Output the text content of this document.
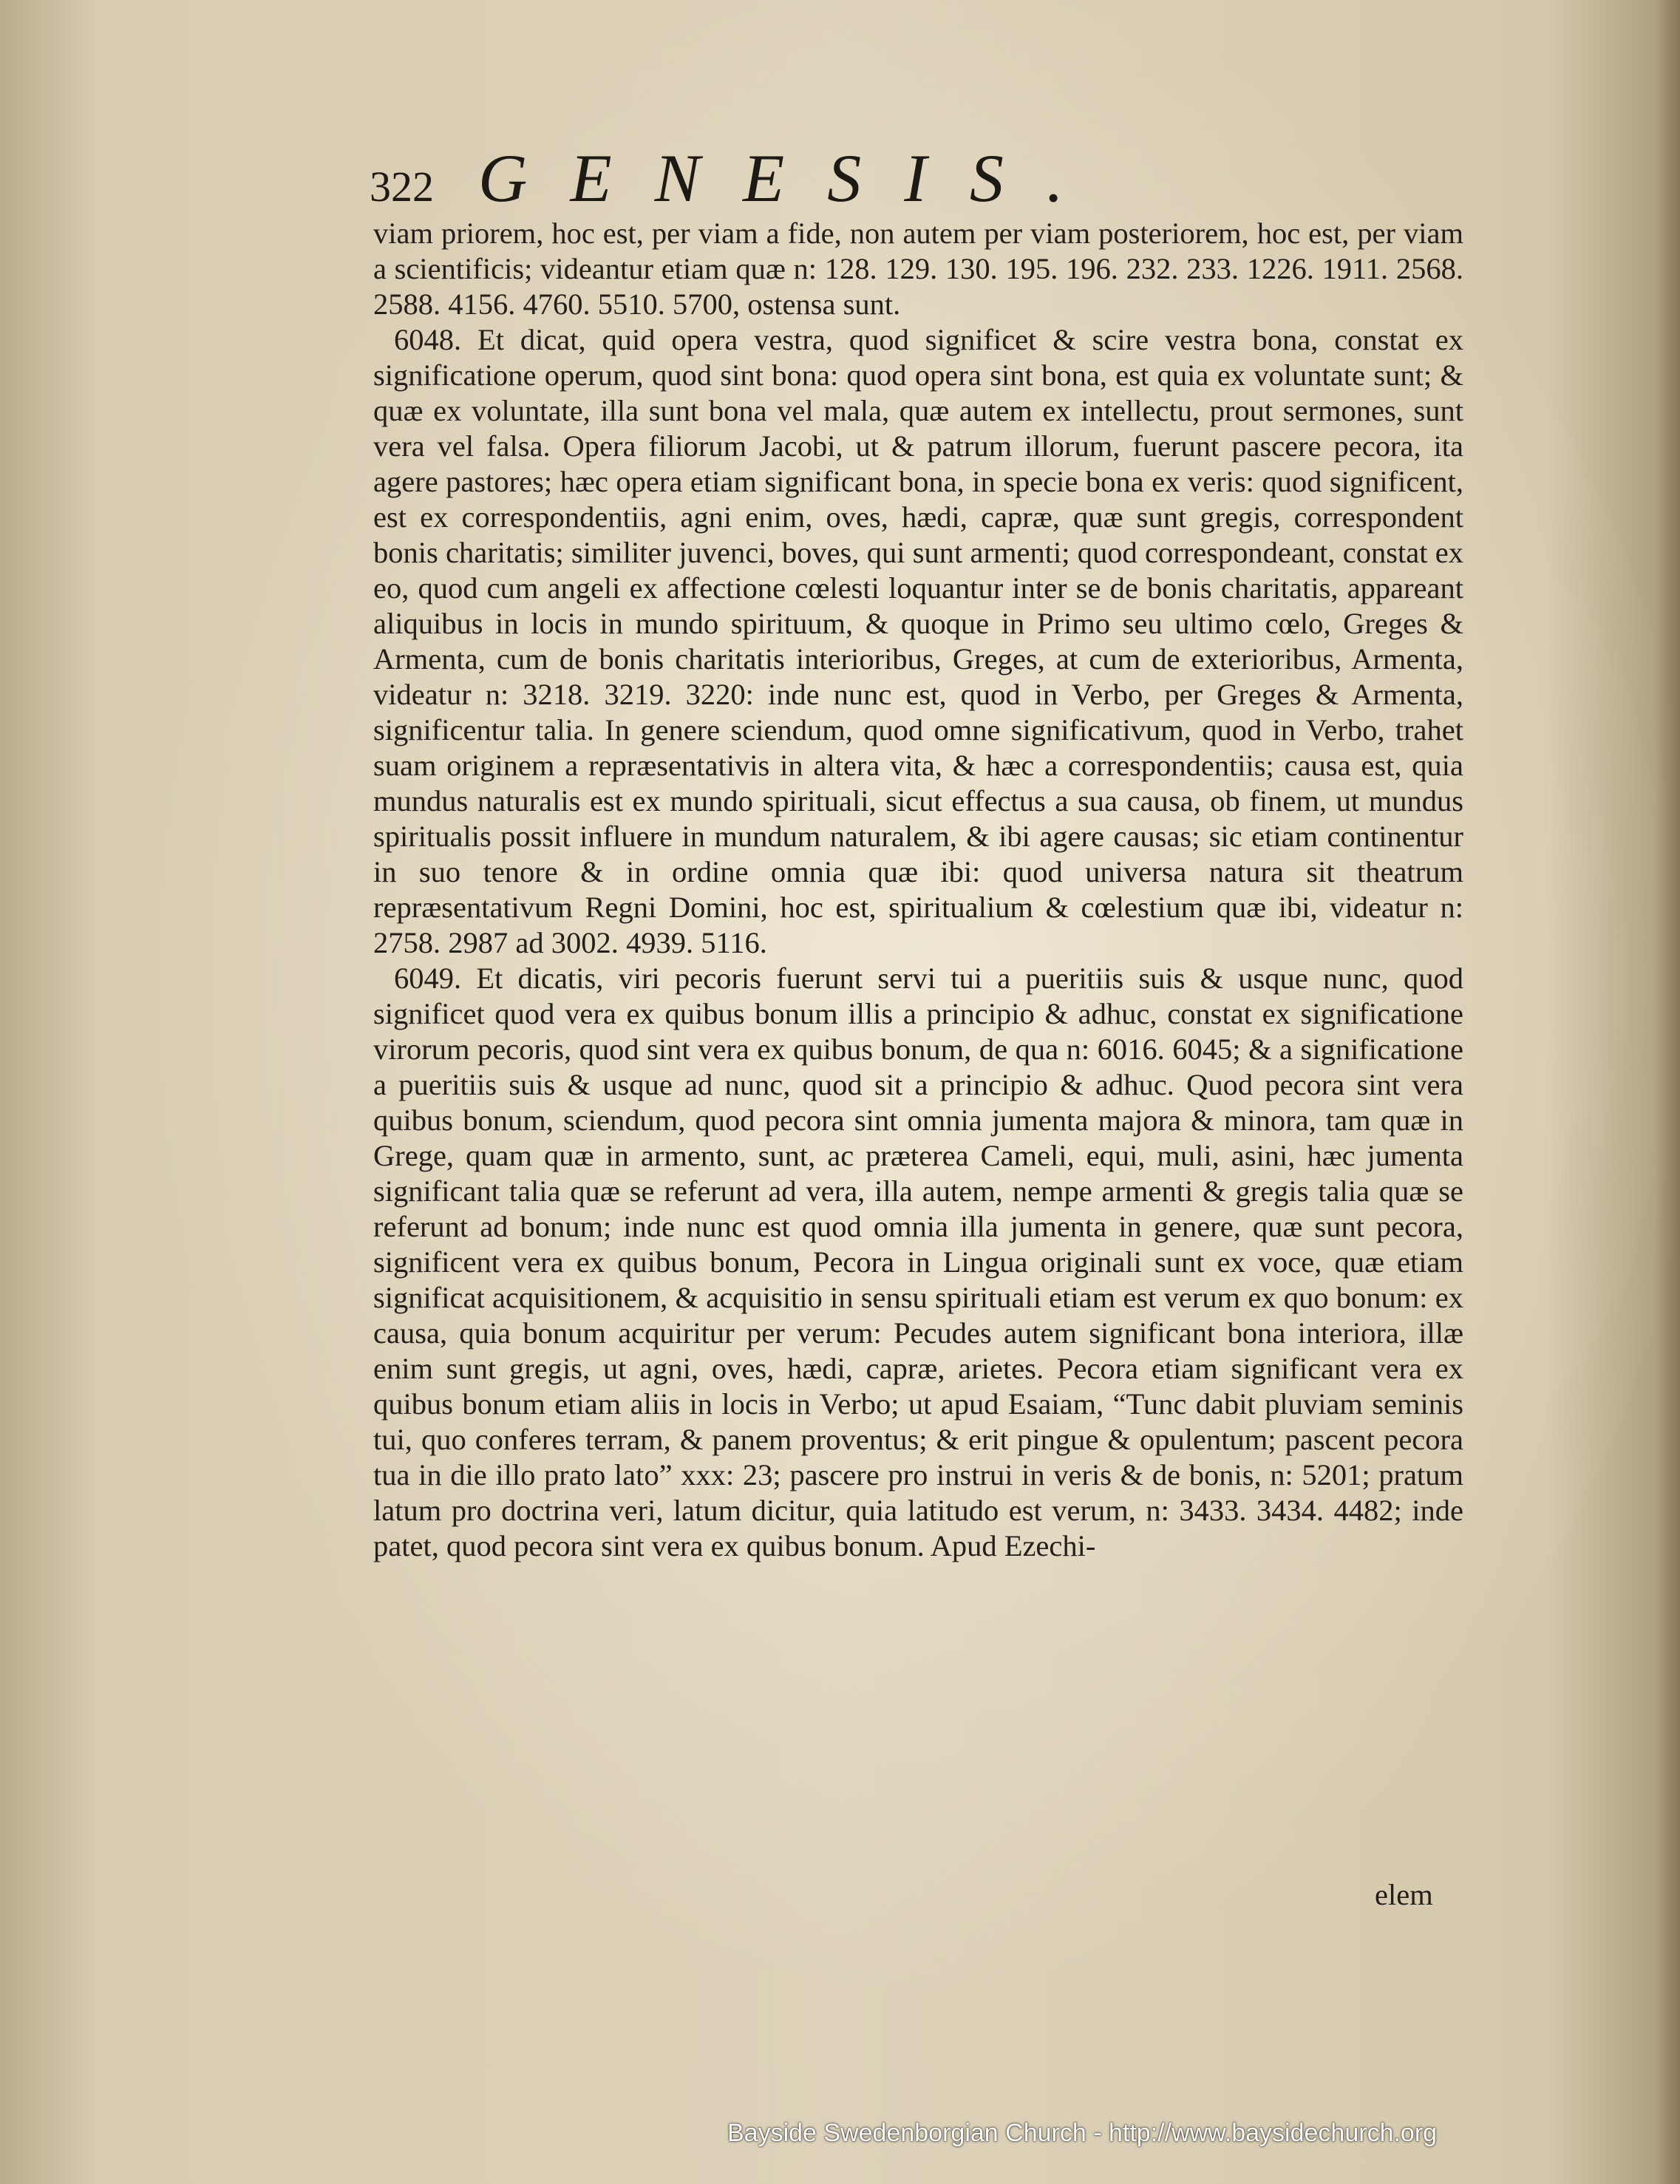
322 GENESIS.

viam priorem, hoc est, per viam a fide, non autem per viam posteriorem, hoc est, per viam a scientificis; videantur etiam quæ n: 128. 129. 130. 195. 196. 232. 233. 1226. 1911. 2568. 2588. 4156. 4760. 5510. 5700, ostensa sunt.

6048. Et dicat, quid opera vestra, quod significet & scire vestra bona, constat ex significatione operum, quod sint bona: quod opera sint bona, est quia ex voluntate sunt; & quæ ex voluntate, illa sunt bona vel mala, quæ autem ex intellectu, prout sermones, sunt vera vel falsa. Opera filiorum Jacobi, ut & patrum illorum, fuerunt pascere pecora, ita agere pastores; hæc opera etiam significant bona, in specie bona ex veris: quod significent, est ex correspondentiis, agni enim, oves, hædi, capræ, quæ sunt gregis, correspondent bonis charitatis; similiter juvenci, boves, qui sunt armenti; quod correspondeant, constat ex eo, quod cum angeli ex affectione cœlesti loquantur inter se de bonis charitatis, appareant aliquibus in locis in mundo spirituum, & quoque in Primo seu ultimo cœlo, Greges & Armenta, cum de bonis charitatis interioribus, Greges, at cum de exterioribus, Armenta, videatur n: 3218. 3219. 3220: inde nunc est, quod in Verbo, per Greges & Armenta, significentur talia. In genere sciendum, quod omne significativum, quod in Verbo, trahet suam originem a repræsentativis in altera vita, & hæc a correspondentiis; causa est, quia mundus naturalis est ex mundo spirituali, sicut effectus a sua causa, ob finem, ut mundus spiritualis possit influere in mundum naturalem, & ibi agere causas; sic etiam continentur in suo tenore & in ordine omnia quæ ibi: quod universa natura sit theatrum repræsentativum Regni Domini, hoc est, spiritualium & cœlestium quæ ibi, videatur n: 2758. 2987 ad 3002. 4939. 5116.

6049. Et dicatis, viri pecoris fuerunt servi tui a pueritiis suis & usque nunc, quod significet quod vera ex quibus bonum illis a principio & adhuc, constat ex significatione virorum pecoris, quod sint vera ex quibus bonum, de qua n: 6016. 6045; & a significatione a pueritiis suis & usque ad nunc, quod sit a principio & adhuc. Quod pecora sint vera quibus bonum, sciendum, quod pecora sint omnia jumenta majora & minora, tam quæ in Grege, quam quæ in armento, sunt, ac præterea Cameli, equi, muli, asini, hæc jumenta significant talia quæ se referunt ad vera, illa autem, nempe armenti & gregis talia quæ se referunt ad bonum; inde nunc est quod omnia illa jumenta in genere, quæ sunt pecora, significent vera ex quibus bonum, Pecora in Lingua originali sunt ex voce, quæ etiam significat acquisitionem, & acquisitio in sensu spirituali etiam est verum ex quo bonum: ex causa, quia bonum acquiritur per verum: Pecudes autem significant bona interiora, illæ enim sunt gregis, ut agni, oves, hædi, capræ, arietes. Pecora etiam significant vera ex quibus bonum etiam aliis in locis in Verbo; ut apud Esaiam, “Tunc dabit pluviam seminis tui, quo conferes terram, & panem proventus; & erit pingue & opulentum; pascent pecora tua in die illo prato lato” xxx: 23; pascere pro instrui in veris & de bonis, n: 5201; pratum latum pro doctrina veri, latum dicitur, quia latitudo est verum, n: 3433. 3434. 4482; inde patet, quod pecora sint vera ex quibus bonum. Apud Ezechi-

elem
Bayside Swedenborgian Church - http://www.baysidechurch.org
